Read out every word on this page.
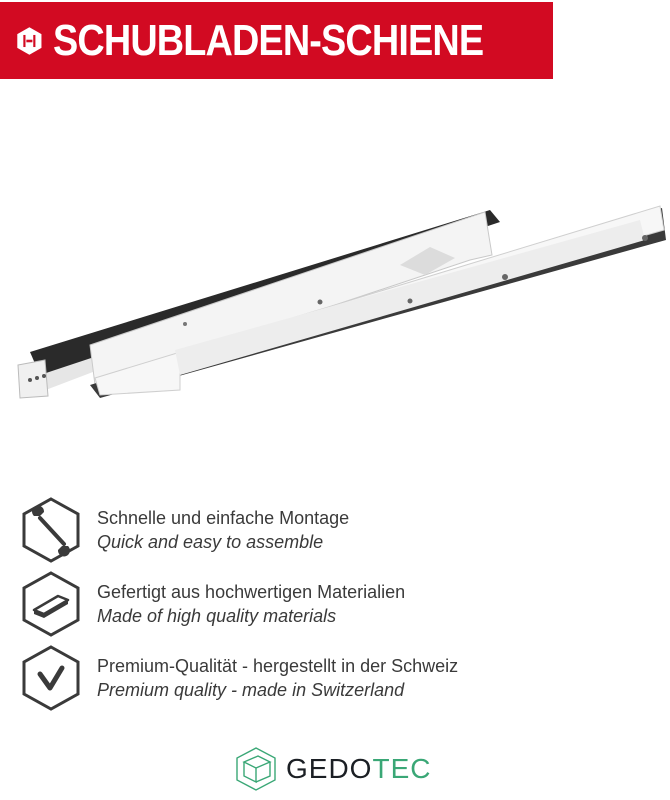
SCHUBLADEN-SCHIENE
Schnelle und einfache Montage
Quick and easy to assemble
Gefertigt aus hochwertigen Materialien
Made of high quality materials
Premium-Qualität - hergestellt in der Schweiz
Premium quality - made in Switzerland
GEDO TEC
